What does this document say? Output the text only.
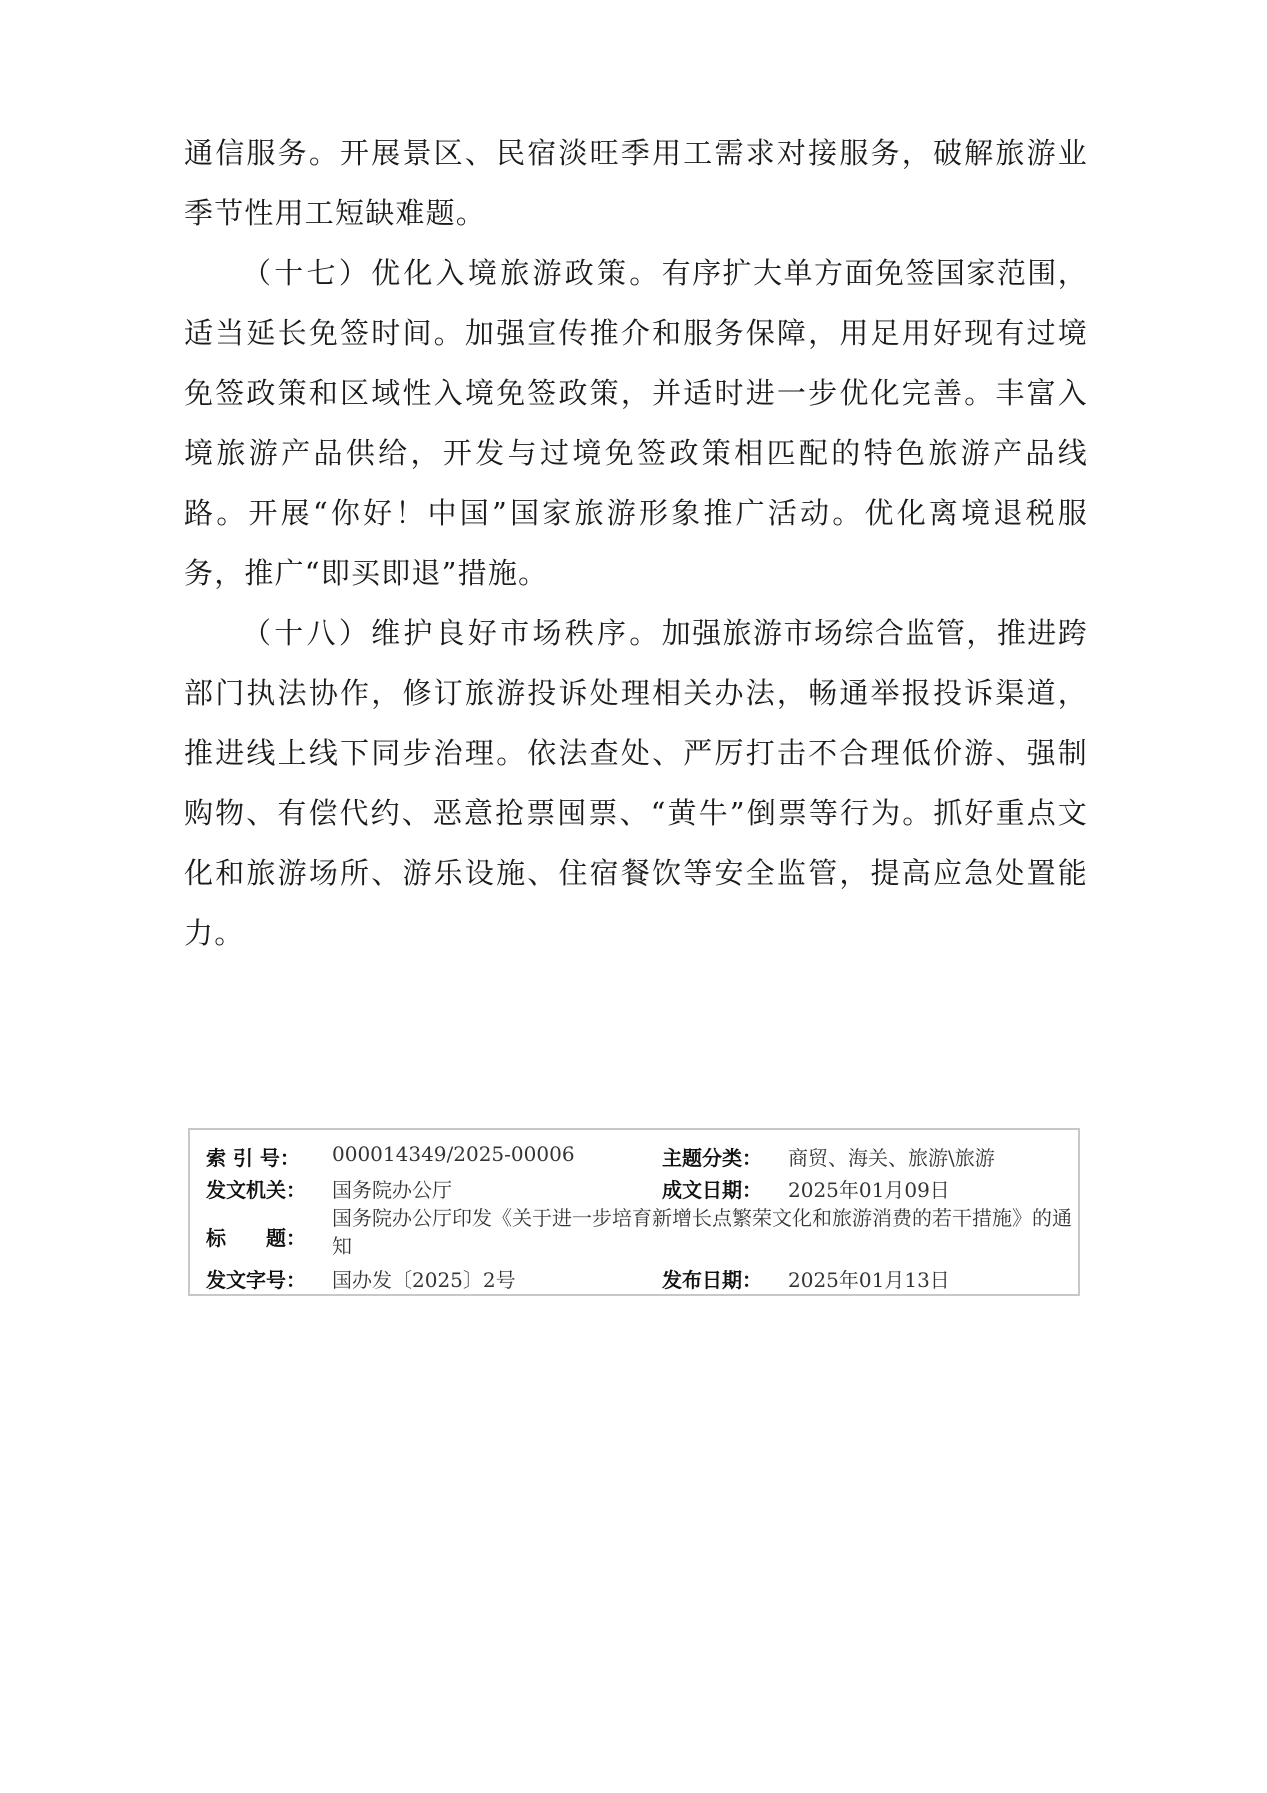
通信服务。开展景区、民宿淡旺季用工需求对接服务，破解旅游业季节性用工短缺难题。

（十七）优化入境旅游政策。有序扩大单方面免签国家范围，适当延长免签时间。加强宣传推介和服务保障，用足用好现有过境免签政策和区域性入境免签政策，并适时进一步优化完善。丰富入境旅游产品供给，开发与过境免签政策相匹配的特色旅游产品线路。开展“你好！中国”国家旅游形象推广活动。优化离境退税服务，推广“即买即退”措施。

（十八）维护良好市场秩序。加强旅游市场综合监管，推进跨部门执法协作，修订旅游投诉处理相关办法，畅通举报投诉渠道，推进线上线下同步治理。依法查处、严厉打击不合理低价游、强制购物、有偿代约、恶意抢票囤票、“黄牛”倒票等行为。抓好重点文化和旅游场所、游乐设施、住宿餐饮等安全监管，提高应急处置能力。

索 引 号： 000014349/2025-00006	主题分类： 商贸、海关、旅游\旅游
发文机关： 国务院办公厅	成文日期： 2025年01月09日
标　　题：
国务院办公厅印发《关于进一步培育新增长点繁荣文化和旅游消费的若干措施》的通知
发文字号： 国办发〔2025〕2号	发布日期： 2025年01月13日
